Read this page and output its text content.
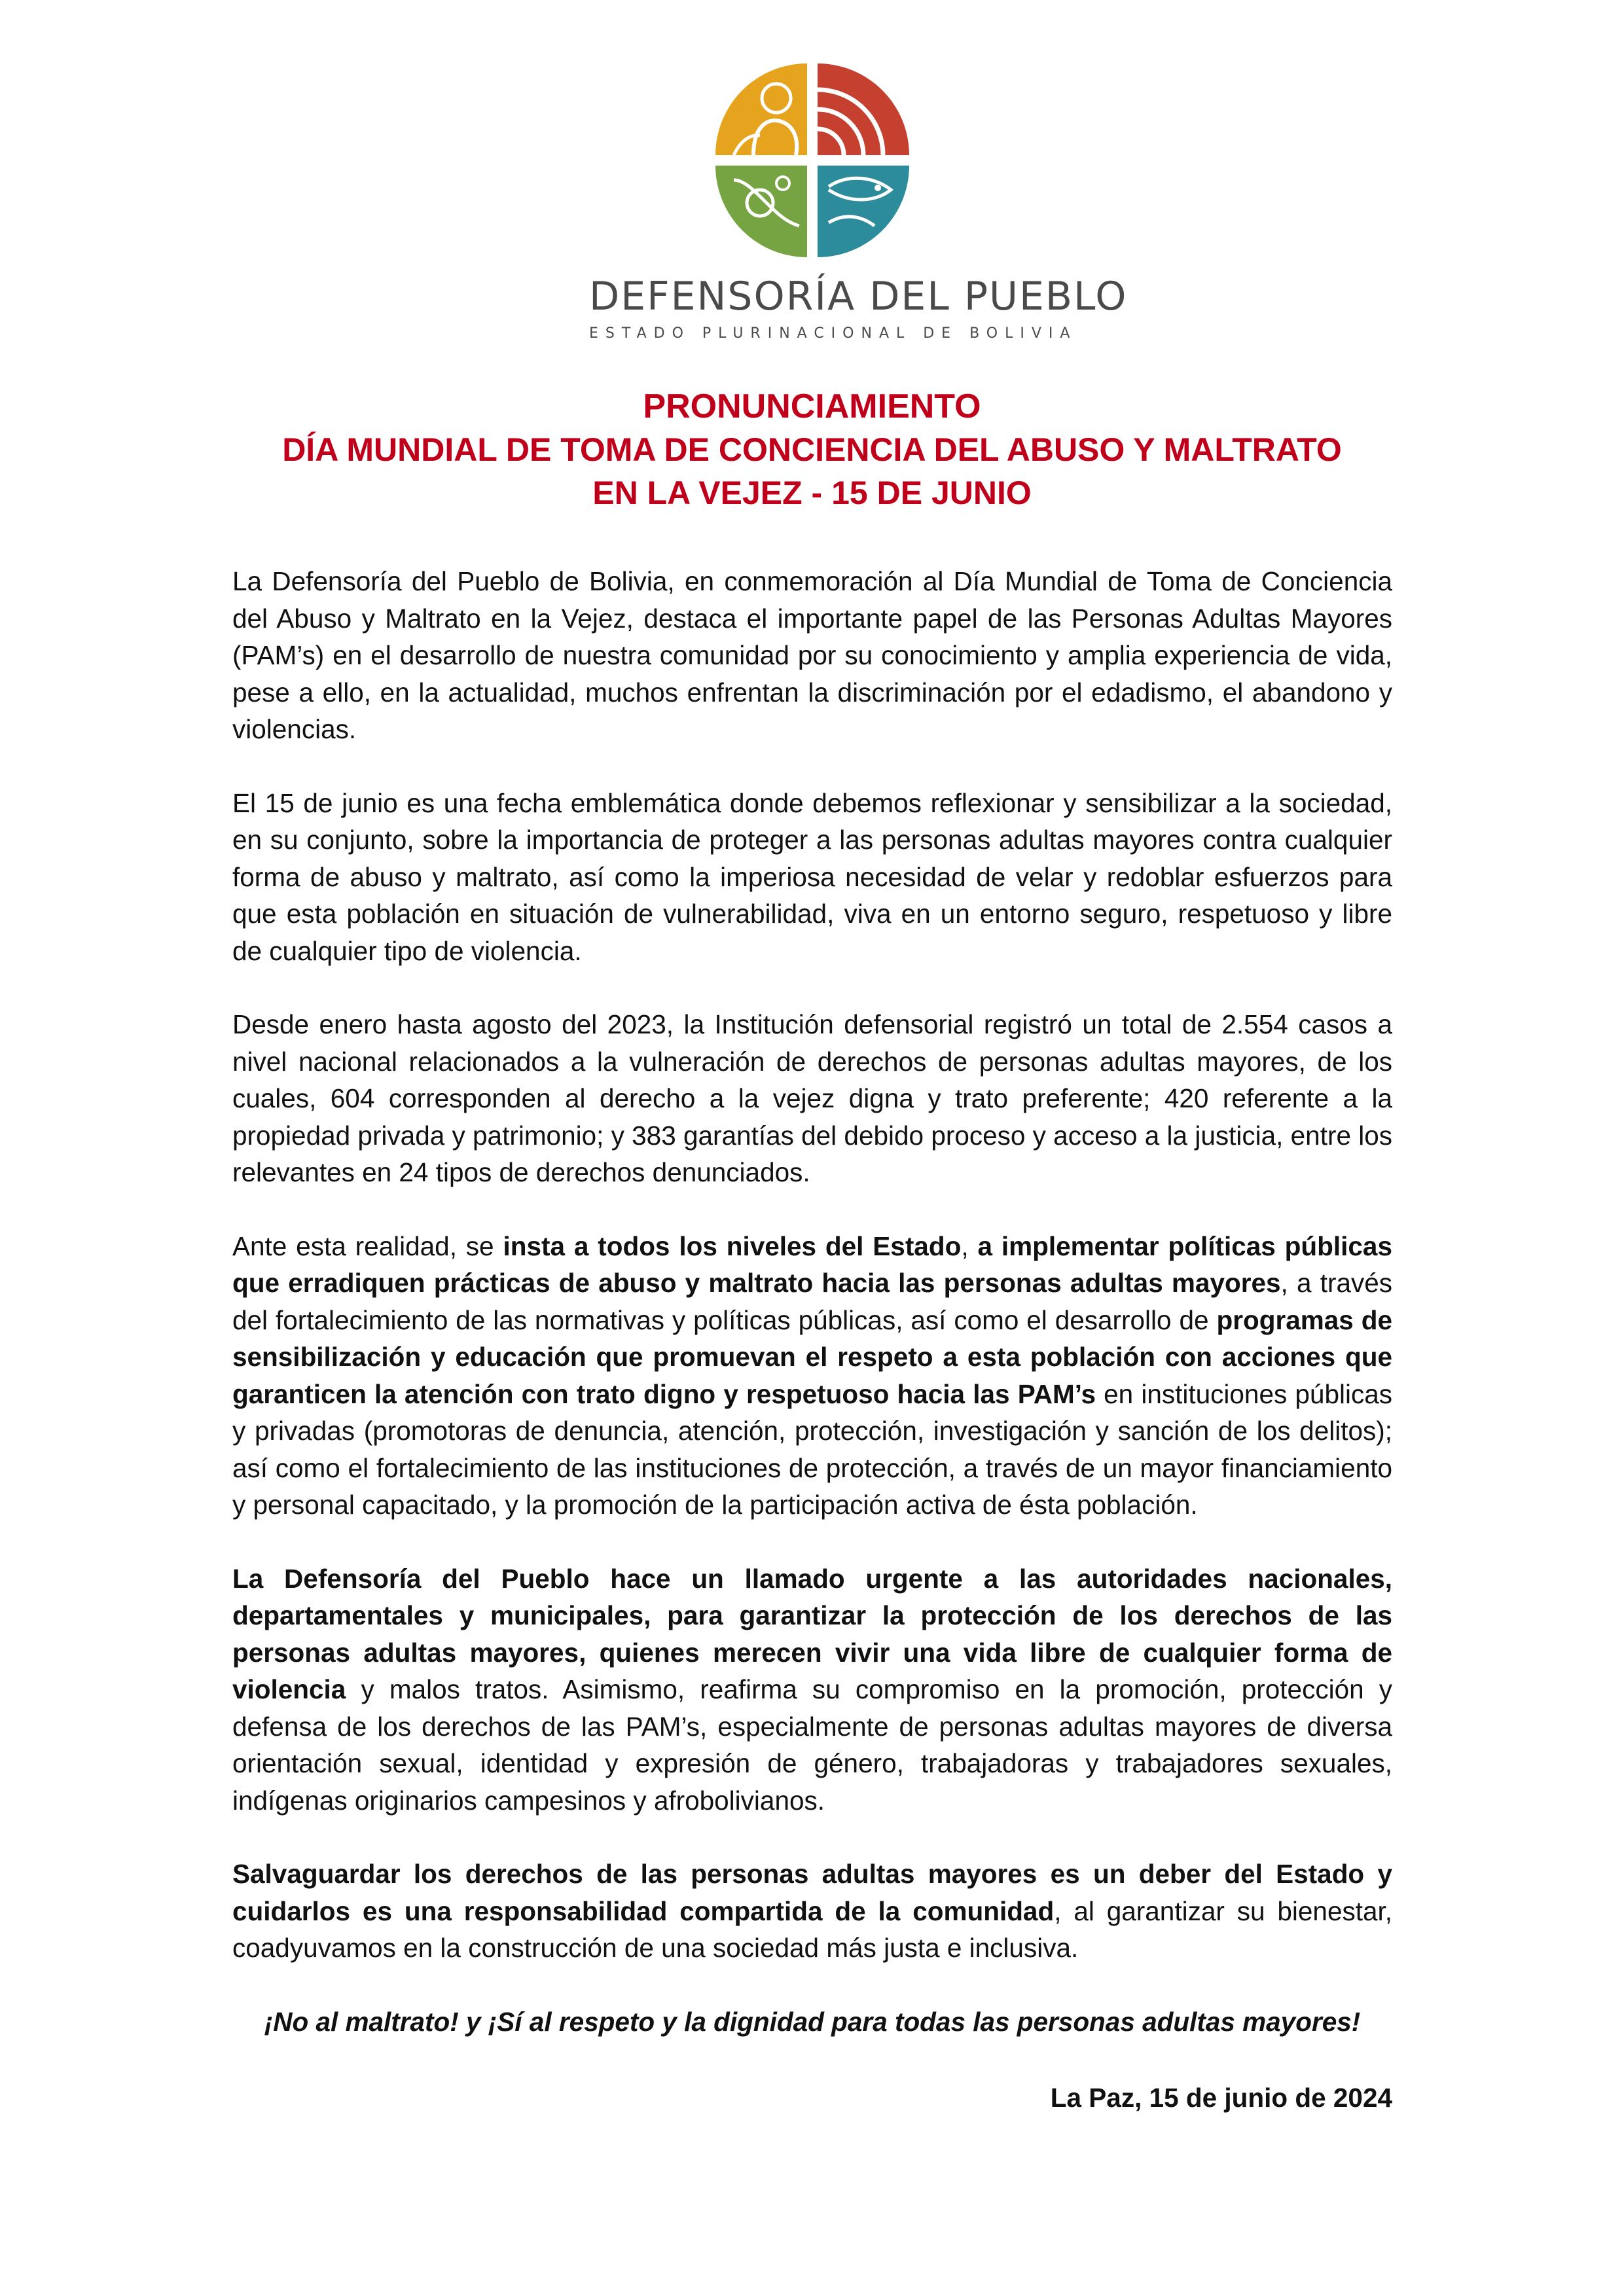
DEFENSORÍA DEL PUEBLO
ESTADO PLURINACIONAL DE BOLIVIA
PRONUNCIAMIENTO
DÍA MUNDIAL DE TOMA DE CONCIENCIA DEL ABUSO Y MALTRATO
EN LA VEJEZ - 15 DE JUNIO

La Defensoría del Pueblo de Bolivia, en conmemoración al Día Mundial de Toma de Conciencia del Abuso y Maltrato en la Vejez, destaca el importante papel de las Personas Adultas Mayores (PAM’s) en el desarrollo de nuestra comunidad por su conocimiento y amplia experiencia de vida, pese a ello, en la actualidad, muchos enfrentan la discriminación por el edadismo, el abandono y violencias.

El 15 de junio es una fecha emblemática donde debemos reflexionar y sensibilizar a la sociedad, en su conjunto, sobre la importancia de proteger a las personas adultas mayores contra cualquier forma de abuso y maltrato, así como la imperiosa necesidad de velar y redoblar esfuerzos para que esta población en situación de vulnerabilidad, viva en un entorno seguro, respetuoso y libre de cualquier tipo de violencia.

Desde enero hasta agosto del 2023, la Institución defensorial registró un total de 2.554 casos a nivel nacional relacionados a la vulneración de derechos de personas adultas mayores, de los cuales, 604 corresponden al derecho a la vejez digna y trato preferente; 420 referente a la propiedad privada y patrimonio; y 383 garantías del debido proceso y acceso a la justicia, entre los relevantes en 24 tipos de derechos denunciados.

Ante esta realidad, se insta a todos los niveles del Estado, a implementar políticas públicas que erradiquen prácticas de abuso y maltrato hacia las personas adultas mayores, a través del fortalecimiento de las normativas y políticas públicas, así como el desarrollo de programas de sensibilización y educación que promuevan el respeto a esta población con acciones que garanticen la atención con trato digno y respetuoso hacia las PAM’s en instituciones públicas y privadas (promotoras de denuncia, atención, protección, investigación y sanción de los delitos); así como el fortalecimiento de las instituciones de protección, a través de un mayor financiamiento y personal capacitado, y la promoción de la participación activa de ésta población.

La Defensoría del Pueblo hace un llamado urgente a las autoridades nacionales, departamentales y municipales, para garantizar la protección de los derechos de las personas adultas mayores, quienes merecen vivir una vida libre de cualquier forma de violencia y malos tratos. Asimismo, reafirma su compromiso en la promoción, protección y defensa de los derechos de las PAM’s, especialmente de personas adultas mayores de diversa orientación sexual, identidad y expresión de género, trabajadoras y trabajadores sexuales, indígenas originarios campesinos y afrobolivianos.

Salvaguardar los derechos de las personas adultas mayores es un deber del Estado y cuidarlos es una responsabilidad compartida de la comunidad, al garantizar su bienestar, coadyuvamos en la construcción de una sociedad más justa e inclusiva.

¡No al maltrato! y ¡Sí al respeto y la dignidad para todas las personas adultas mayores!

La Paz, 15 de junio de 2024
